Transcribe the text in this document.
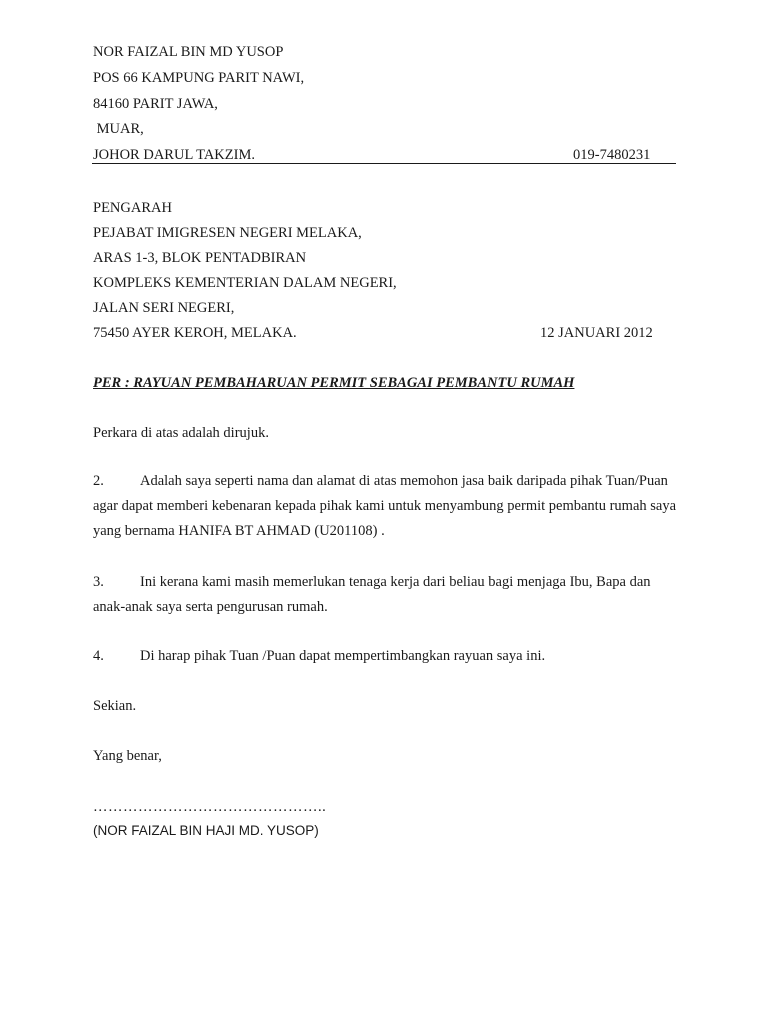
NOR FAIZAL BIN MD YUSOP
POS 66 KAMPUNG PARIT NAWI,
84160 PARIT JAWA,
MUAR,
JOHOR DARUL TAKZIM.	019-7480231
PENGARAH
PEJABAT IMIGRESEN NEGERI MELAKA,
ARAS 1-3, BLOK PENTADBIRAN
KOMPLEKS KEMENTERIAN DALAM NEGERI,
JALAN SERI NEGERI,
75450 AYER KEROH, MELAKA.	12 JANUARI 2012
PER : RAYUAN PEMBAHARUAN PERMIT SEBAGAI PEMBANTU RUMAH
Perkara di atas adalah dirujuk.
2. Adalah saya seperti nama dan alamat di atas memohon jasa baik daripada pihak Tuan/Puan agar dapat memberi kebenaran kepada pihak kami untuk menyambung permit pembantu rumah saya yang bernama HANIFA BT AHMAD (U201108) .
3. Ini kerana kami masih memerlukan tenaga kerja dari beliau bagi menjaga Ibu, Bapa dan anak-anak saya serta pengurusan rumah.
4. Di harap pihak Tuan /Puan dapat mempertimbangkan rayuan saya ini.
Sekian.
Yang benar,
………………………………………..
(NOR FAIZAL BIN HAJI MD. YUSOP)
